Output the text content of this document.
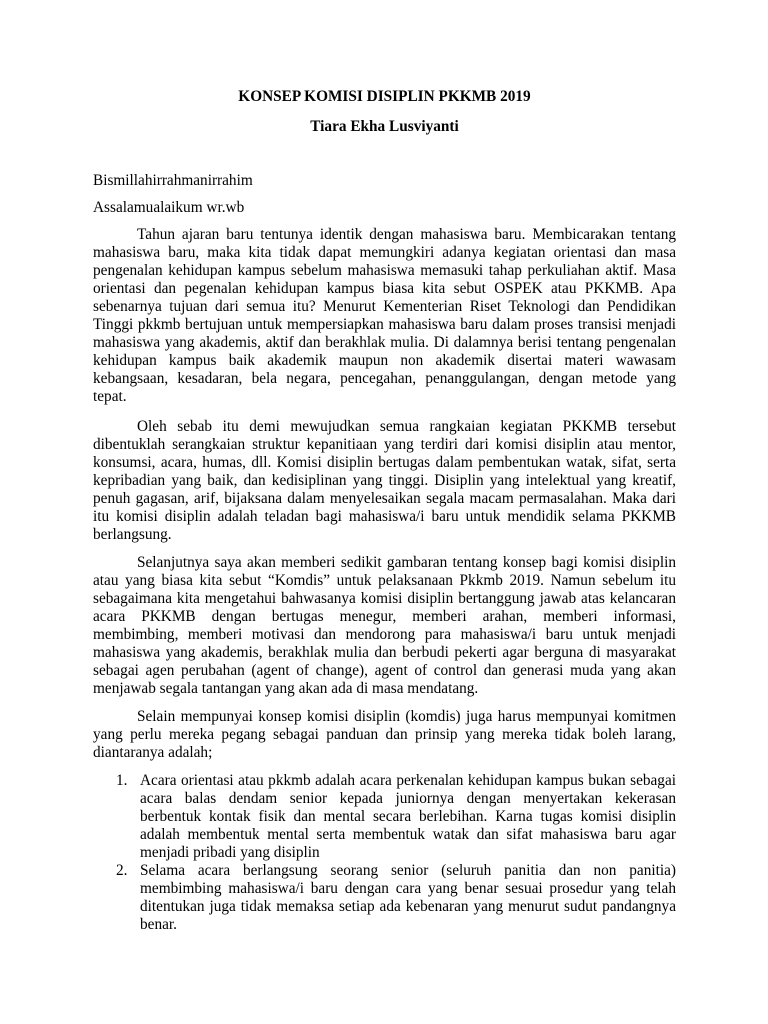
KONSEP KOMISI DISIPLIN PKKMB 2019
Tiara Ekha Lusviyanti
Bismillahirrahmanirrahim
Assalamualaikum wr.wb
Tahun ajaran baru tentunya identik dengan mahasiswa baru. Membicarakan tentang
mahasiswa baru, maka kita tidak dapat memungkiri adanya kegiatan orientasi dan masa
pengenalan kehidupan kampus sebelum mahasiswa memasuki tahap perkuliahan aktif. Masa
orientasi dan pegenalan kehidupan kampus biasa kita sebut OSPEK atau PKKMB. Apa
sebenarnya tujuan dari semua itu? Menurut Kementerian Riset Teknologi dan Pendidikan
Tinggi pkkmb bertujuan untuk mempersiapkan mahasiswa baru dalam proses transisi menjadi
mahasiswa yang akademis, aktif dan berakhlak mulia. Di dalamnya berisi tentang pengenalan
kehidupan kampus baik akademik maupun non akademik disertai materi wawasam
kebangsaan, kesadaran, bela negara, pencegahan, penanggulangan, dengan metode yang
tepat.
Oleh sebab itu demi mewujudkan semua rangkaian kegiatan PKKMB tersebut
dibentuklah serangkaian struktur kepanitiaan yang terdiri dari komisi disiplin atau mentor,
konsumsi, acara, humas, dll. Komisi disiplin bertugas dalam pembentukan watak, sifat, serta
kepribadian yang baik, dan kedisiplinan yang tinggi. Disiplin yang intelektual yang kreatif,
penuh gagasan, arif, bijaksana dalam menyelesaikan segala macam permasalahan. Maka dari
itu komisi disiplin adalah teladan bagi mahasiswa/i baru untuk mendidik selama PKKMB
berlangsung.
Selanjutnya saya akan memberi sedikit gambaran tentang konsep bagi komisi disiplin
atau yang biasa kita sebut “Komdis” untuk pelaksanaan Pkkmb 2019. Namun sebelum itu
sebagaimana kita mengetahui bahwasanya komisi disiplin bertanggung jawab atas kelancaran
acara PKKMB dengan bertugas menegur, memberi arahan, memberi informasi,
membimbing, memberi motivasi dan mendorong para mahasiswa/i baru untuk menjadi
mahasiswa yang akademis, berakhlak mulia dan berbudi pekerti agar berguna di masyarakat
sebagai agen perubahan (agent of change), agent of control dan generasi muda yang akan
menjawab segala tantangan yang akan ada di masa mendatang.
Selain mempunyai konsep komisi disiplin (komdis) juga harus mempunyai komitmen
yang perlu mereka pegang sebagai panduan dan prinsip yang mereka tidak boleh larang,
diantaranya adalah;
1. Acara orientasi atau pkkmb adalah acara perkenalan kehidupan kampus bukan sebagai
acara balas dendam senior kepada juniornya dengan menyertakan kekerasan
berbentuk kontak fisik dan mental secara berlebihan. Karna tugas komisi disiplin
adalah membentuk mental serta membentuk watak dan sifat mahasiswa baru agar
menjadi pribadi yang disiplin
2. Selama acara berlangsung seorang senior (seluruh panitia dan non panitia)
membimbing mahasiswa/i baru dengan cara yang benar sesuai prosedur yang telah
ditentukan juga tidak memaksa setiap ada kebenaran yang menurut sudut pandangnya
benar.
